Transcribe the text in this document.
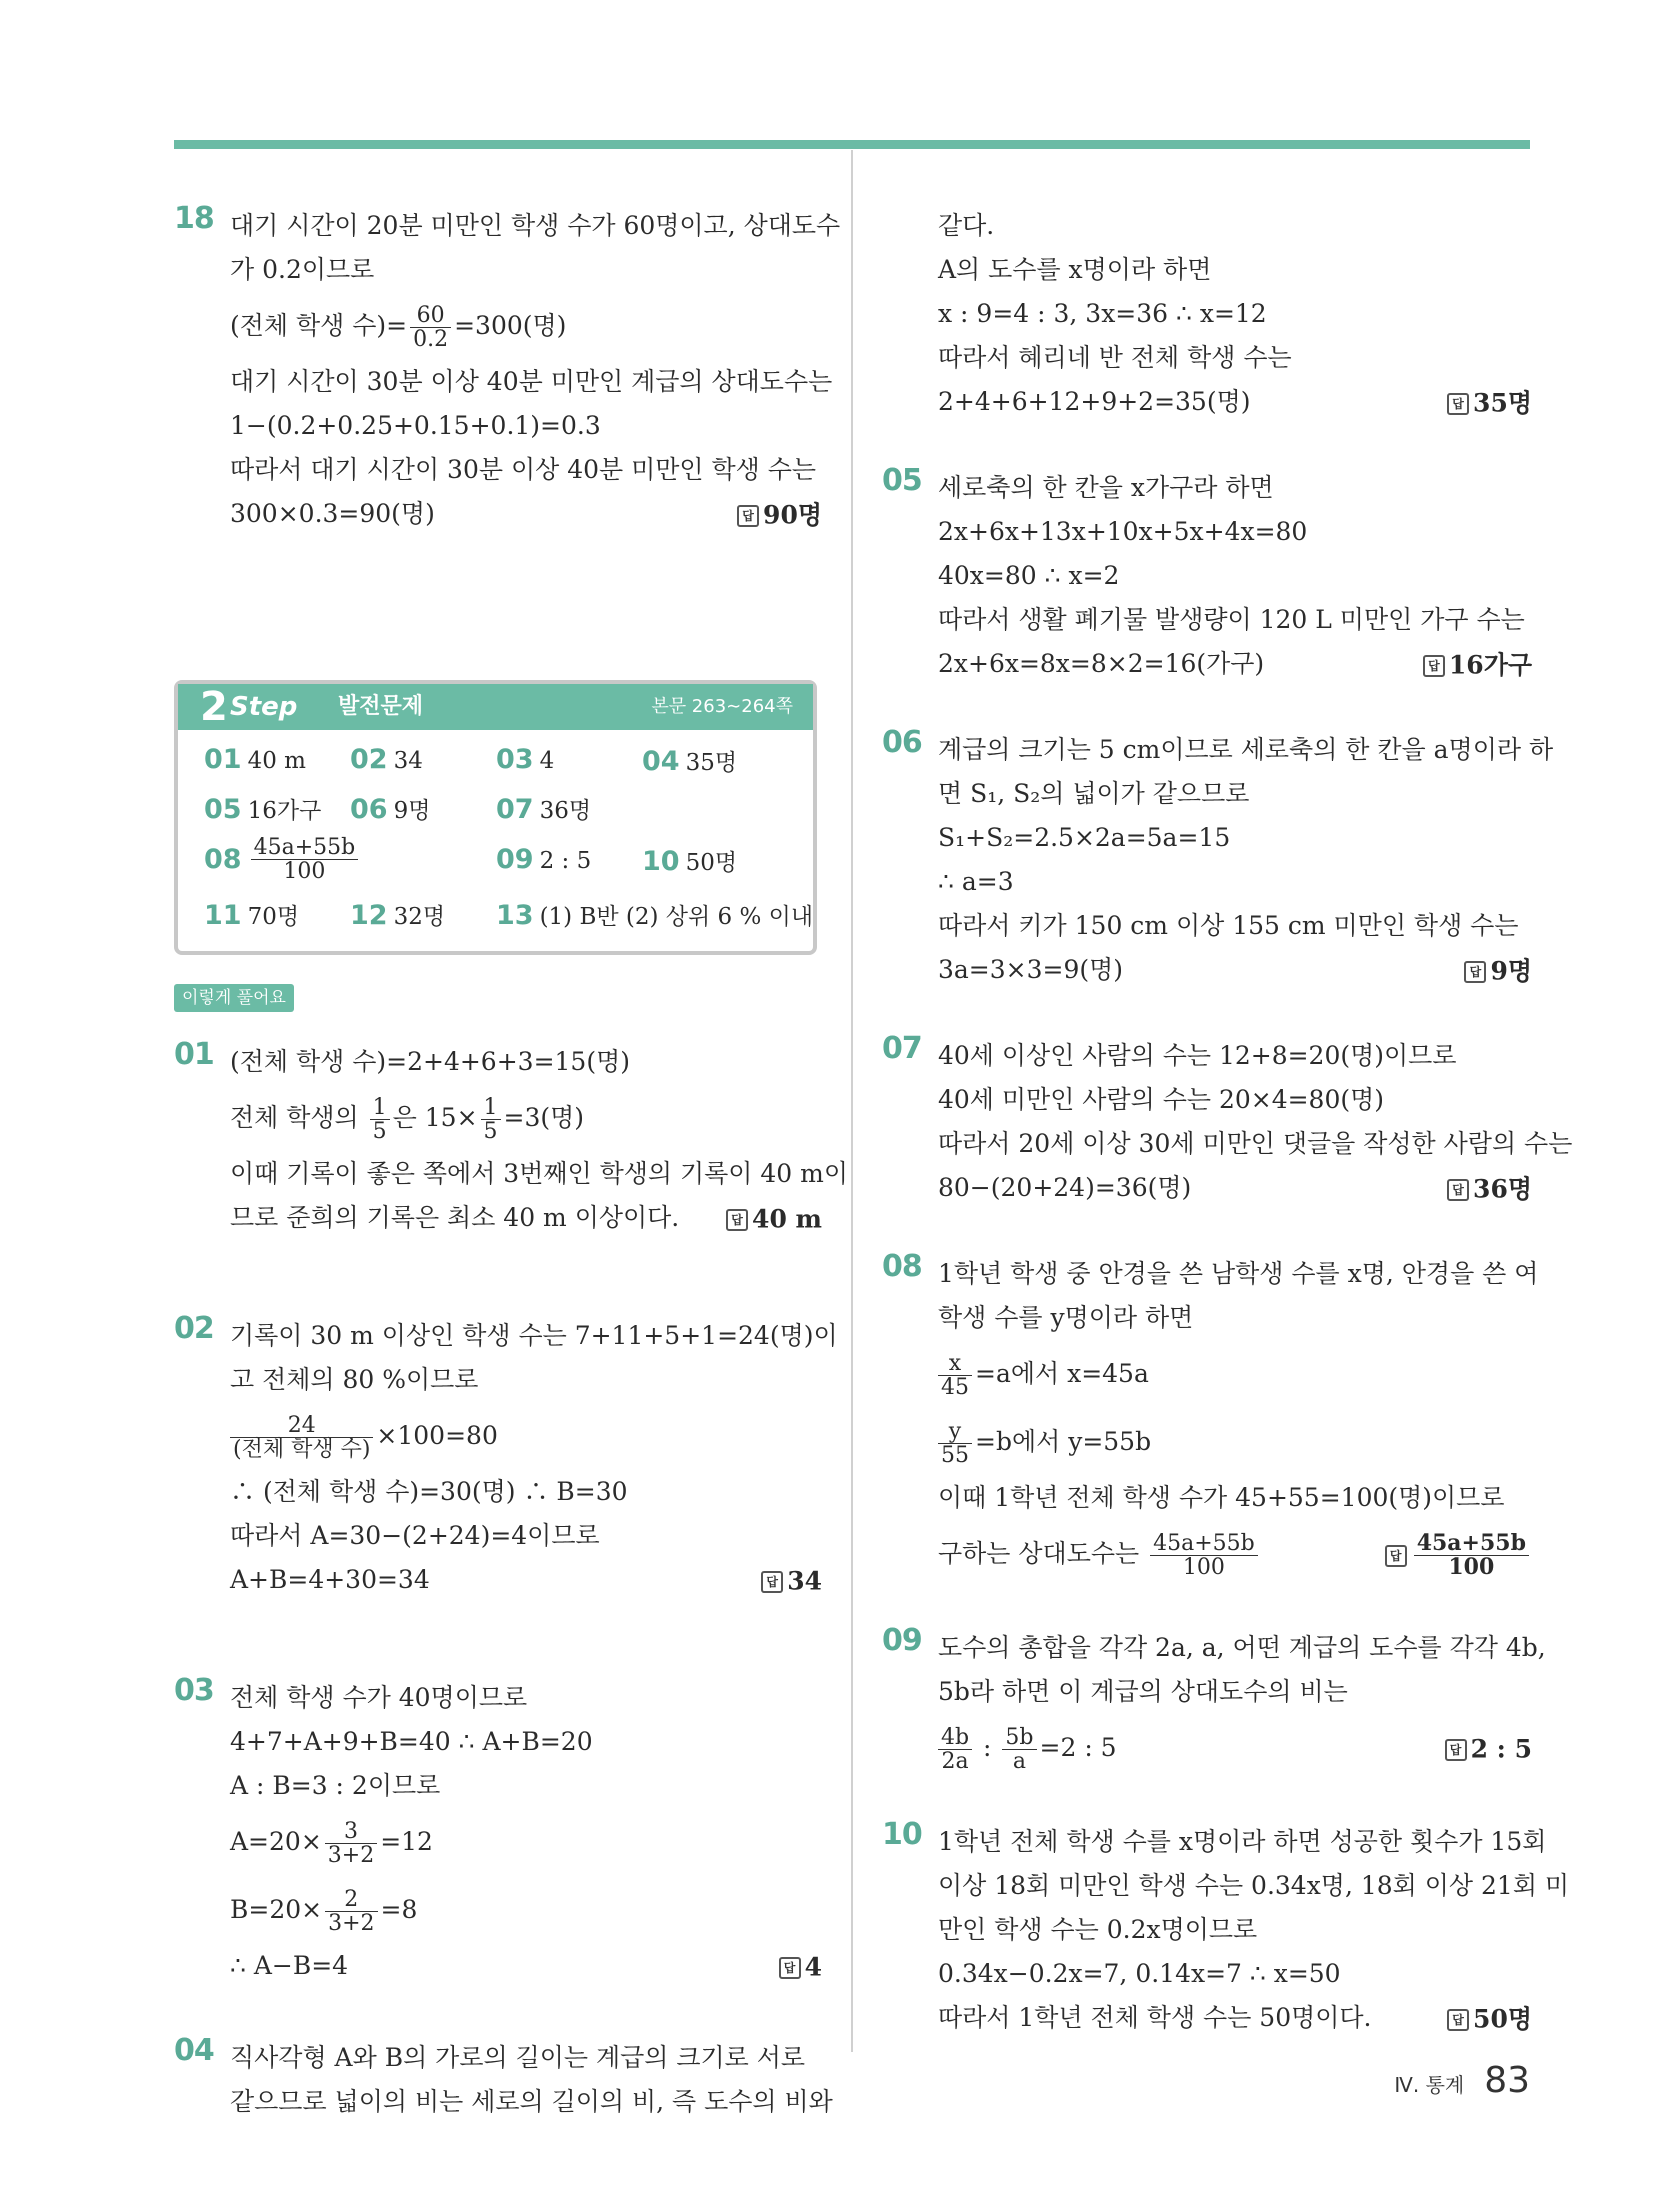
18 대기 시간이 20분 미만인 학생 수가 60명이고, 상대도수
가 0.2이므로
(전체 학생 수)= $\frac{60}{0.2} =300$(명)
대기 시간이 30분 이상 40분 미만인 계급의 상대도수는
1−(0.2+0.25+0.15+0.1)=0.3
따라서 대기 시간이 30분 이상 40분 미만인 학생 수는
300×0.3=90(명)	답 90명
2 Step 발전문제	본문 263∼264쪽
01 40 m 02 34	03 4	04 35명
05 16가구 06 9명 07 36명
$08 \frac{45a+55b}{100}$	09 2 : 5 10 50명
11 70명 12 32명 13 (1) B반 (2) 상위 6 % 이내
이렇게 풀어요
01 (전체 학생 수)=2+4+6+3=15(명)
전체 학생의 $\frac{1}{5}$ 은 $15\times \frac{1}{5} =3$(명)
이때 기록이 좋은 쪽에서 3번째인 학생의 기록이 40 m이
므로 준희의 기록은 최소 40 m 이상이다.	답 40 m
02 기록이 30 m 이상인 학생 수는 7+11+5+1=24(명)이
고 전체의 80 %이므로
$\frac{24}{\text{(전체 학생 수)}} \times 100=80$
∴ (전체 학생 수)=30(명) ∴ B=30
따라서 A=30−(2+24)=4이므로
A+B=4+30=34	답 34
03 전체 학생 수가 40명이므로
4+7+A+9+B=40 ∴ A+B=20
A : B=3 : 2이므로
$A=20\times \frac{3}{3+2} =12$
$B=20\times \frac{2}{3+2} =8$
∴ A−B=4	답 4
04 직사각형 A와 B의 가로의 길이는 계급의 크기로 서로
같으므로 넓이의 비는 세로의 길이의 비, 즉 도수의 비와
같다.
A의 도수를 x명이라 하면
x : 9=4 : 3, 3x=36 ∴ x=12
따라서 혜리네 반 전체 학생 수는
2+4+6+12+9+2=35(명)	답 35명
05 세로축의 한 칸을 x가구라 하면
2x+6x+13x+10x+5x+4x=80
40x=80 ∴ x=2
따라서 생활 폐기물 발생량이 120 L 미만인 가구 수는
2x+6x=8x=8×2=16(가구)	답 16가구
06 계급의 크기는 5 cm이므로 세로축의 한 칸을 a명이라 하
면 S₁, S₂의 넓이가 같으므로
S₁+S₂=2.5×2a=5a=15
∴ a=3
따라서 키가 150 cm 이상 155 cm 미만인 학생 수는
3a=3×3=9(명)	답 9명
07 40세 이상인 사람의 수는 12+8=20(명)이므로
40세 미만인 사람의 수는 20×4=80(명)
따라서 20세 이상 30세 미만인 댓글을 작성한 사람의 수는
80−(20+24)=36(명)	답 36명
08 1학년 학생 중 안경을 쓴 남학생 수를 x명, 안경을 쓴 여
학생 수를 y명이라 하면
$\frac{x}{45} =a$에서 x=45a
$\frac{y}{55} =b$에서 y=55b
이때 1학년 전체 학생 수가 45+55=100(명)이므로
구하는 상대도수는 $\frac{45a+55b}{100}$	답 $\frac{45a+55b}{100}$
09 도수의 총합을 각각 2a, a, 어떤 계급의 도수를 각각 4b,
5b라 하면 이 계급의 상대도수의 비는
$\frac{4b}{2a}$ : $\frac{5b}{a} =2$ : 5	답 2 : 5
10 1학년 전체 학생 수를 x명이라 하면 성공한 횟수가 15회
이상 18회 미만인 학생 수는 0.34x명, 18회 이상 21회 미
만인 학생 수는 0.2x명이므로
0.34x−0.2x=7, 0.14x=7 ∴ x=50
따라서 1학년 전체 학생 수는 50명이다.	답 50명
Ⅳ. 통계 83
